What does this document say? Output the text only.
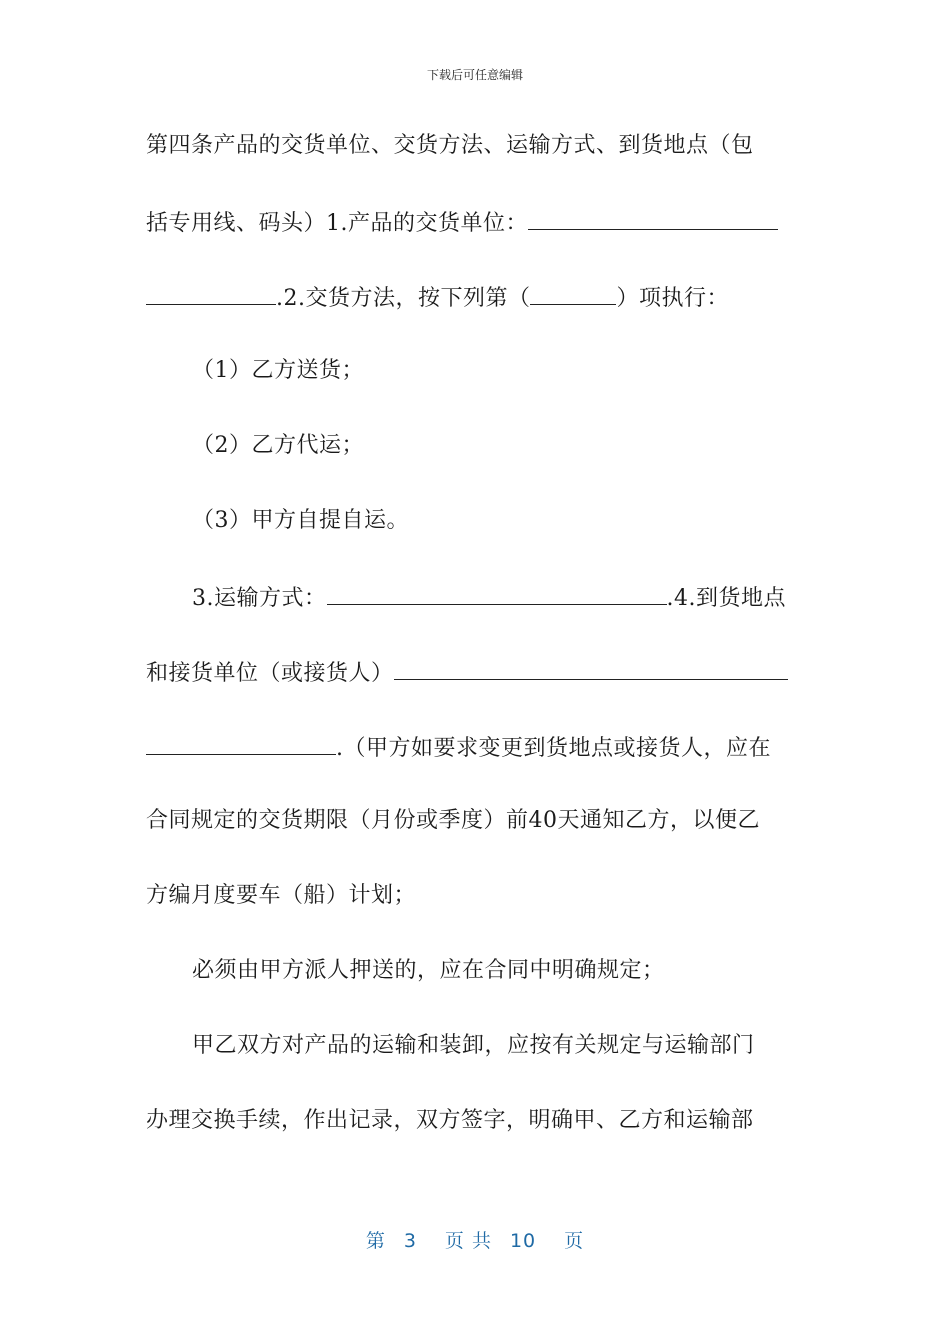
下载后可任意编辑
第四条产品的交货单位、交货方法、运输方式、到货地点（包
括专用线、码头）1.产品的交货单位：
.2.交货方法，按下列第（	）项执行：
（1）乙方送货；
（2）乙方代运；
（3）甲方自提自运。
3.运输方式：	.4.到货地点
和接货单位（或接货人）
.（甲方如要求变更到货地点或接货人，应在
合同规定的交货期限（月份或季度）前40天通知乙方，以便乙
方编月度要车（船）计划；
必须由甲方派人押送的，应在合同中明确规定；
甲乙双方对产品的运输和装卸，应按有关规定与运输部门
办理交换手续，作出记录，双方签字，明确甲、乙方和运输部
第 3 页 共 10 页
